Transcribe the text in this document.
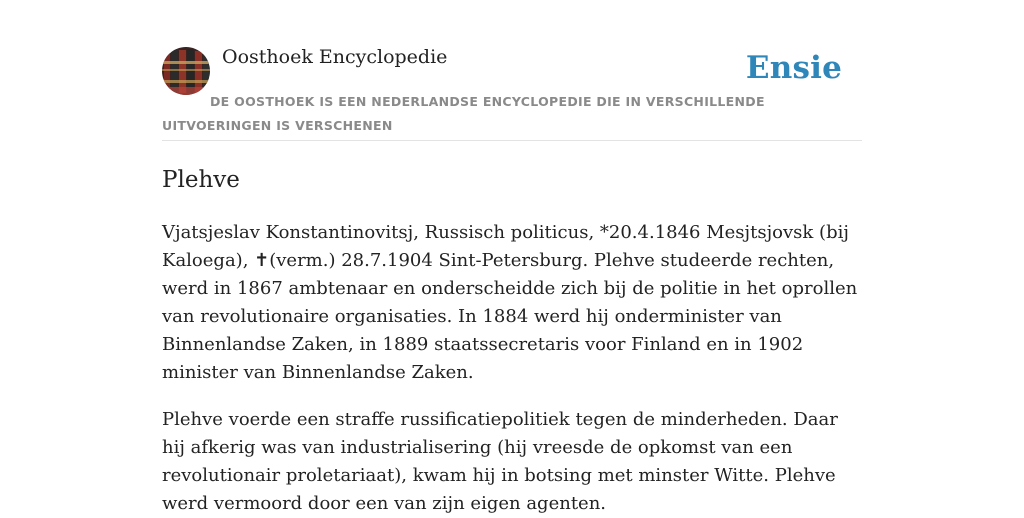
Oosthoek Encyclopedie	Ensie
DE OOSTHOEK IS EEN NEDERLANDSE ENCYCLOPEDIE DIE IN VERSCHILLENDE UITVOERINGEN IS VERSCHENEN
Plehve

Vjatsjeslav Konstantinovitsj, Russisch politicus, *20.4.1846 Mesjtsjovsk (bij Kaloega), ✝(verm.) 28.7.1904 Sint-Petersburg. Plehve studeerde rechten, werd in 1867 ambtenaar en onderscheidde zich bij de politie in het oprollen van revolutionaire organisaties. In 1884 werd hij onderminister van Binnenlandse Zaken, in 1889 staatssecretaris voor Finland en in 1902 minister van Binnenlandse Zaken.

Plehve voerde een straffe russificatiepolitiek tegen de minderheden. Daar hij afkerig was van industrialisering (hij vreesde de opkomst van een revolutionair proletariaat), kwam hij in botsing met minster Witte. Plehve werd vermoord door een van zijn eigen agenten.
